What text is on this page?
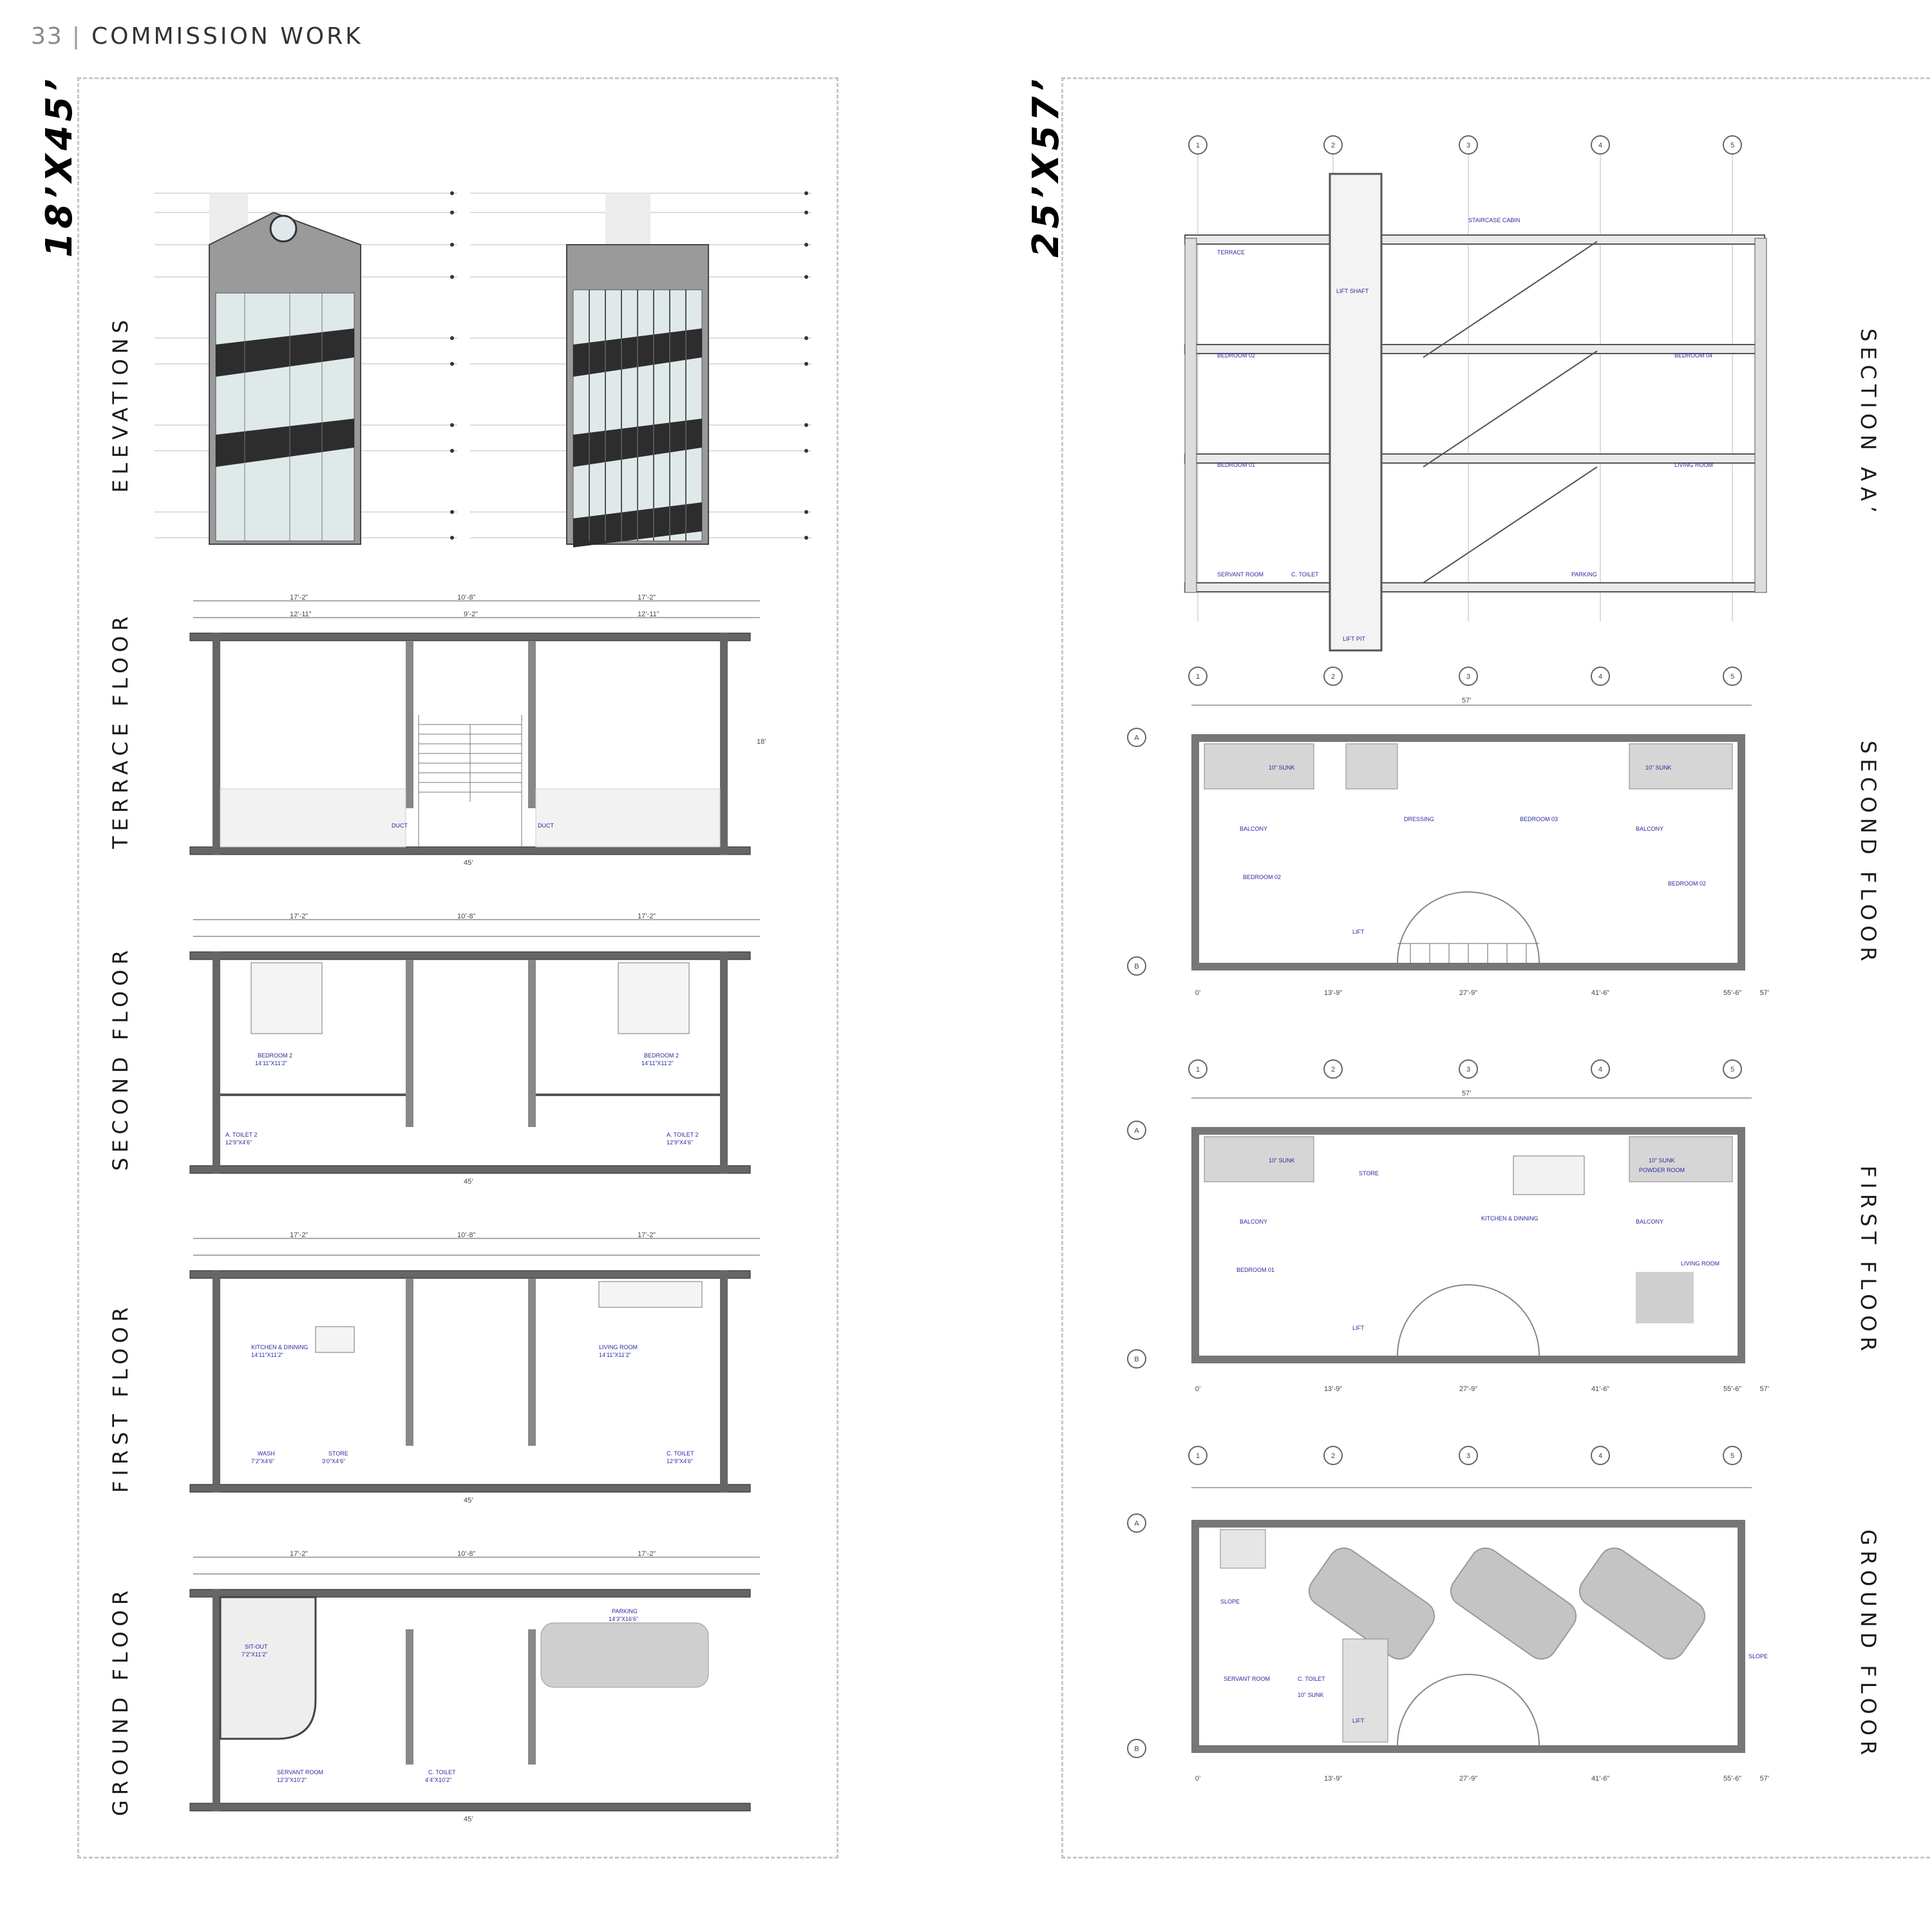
33 | COMMISSION WORK
18’X45’
ELEVATIONS
TERRACE FLOOR
SECOND FLOOR
FIRST FLOOR
GROUND FLOOR
17’-2”	10’-8”	17’-2”
12’-11”	9’-2”	12’-11”
DUCT	DUCT
45’
18’
17’-2”	10’-8”	17’-2”
BEDROOM 2
14’11”X11’2”
BEDROOM 2
14’11”X11’2”
A. TOILET 2
12’9”X4’6”
A. TOILET 2
12’9”X4’6”
45’
17’-2”	10’-8”	17’-2”
KITCHEN & DINNING
14’11”X11’2”
LIVING ROOM
14’11”X11’2”
WASH
7’2”X4’6”
STORE
3’0”X4’6”
C. TOILET
12’9”X4’6”
45’
17’-2”	10’-8”	17’-2”
SIT-OUT
7’2”X11’2”
PARKING
14’3”X16’6”
SERVANT ROOM
12’3”X10’2”
C. TOILET
4’4”X10’2”
45’
25’X57’
SECTION AA’
SECOND FLOOR
FIRST FLOOR
GROUND FLOOR
1	2	3	4	5
TERRACE
BEDROOM 02
BEDROOM 01
SERVANT ROOM	C. TOILET	PARKING
LIVING ROOM
BEDROOM 04
LIFT SHAFT
LIFT PIT
STAIRCASE CABIN
1	2	3	4	5
A
B
57’
DRESSING	BEDROOM 03
BEDROOM 02
BEDROOM 02
BALCONY	BALCONY
10” SUNK	10” SUNK
LIFT
0’	13’-9”	27’-9”	41’-6”	55’-6”	57’
1	2	3	4	5
A
B
57’
KITCHEN & DINNING
LIVING ROOM
BEDROOM 01
BALCONY	BALCONY
STORE	POWDER ROOM
10” SUNK	10” SUNK
LIFT
0’	13’-9”	27’-9”	41’-6”	55’-6”	57’
1	2	3	4	5
A
B
SERVANT ROOM	C. TOILET
10” SUNK
SLOPE
SLOPE
LIFT
0’	13’-9”	27’-9”	41’-6”	55’-6”	57’
